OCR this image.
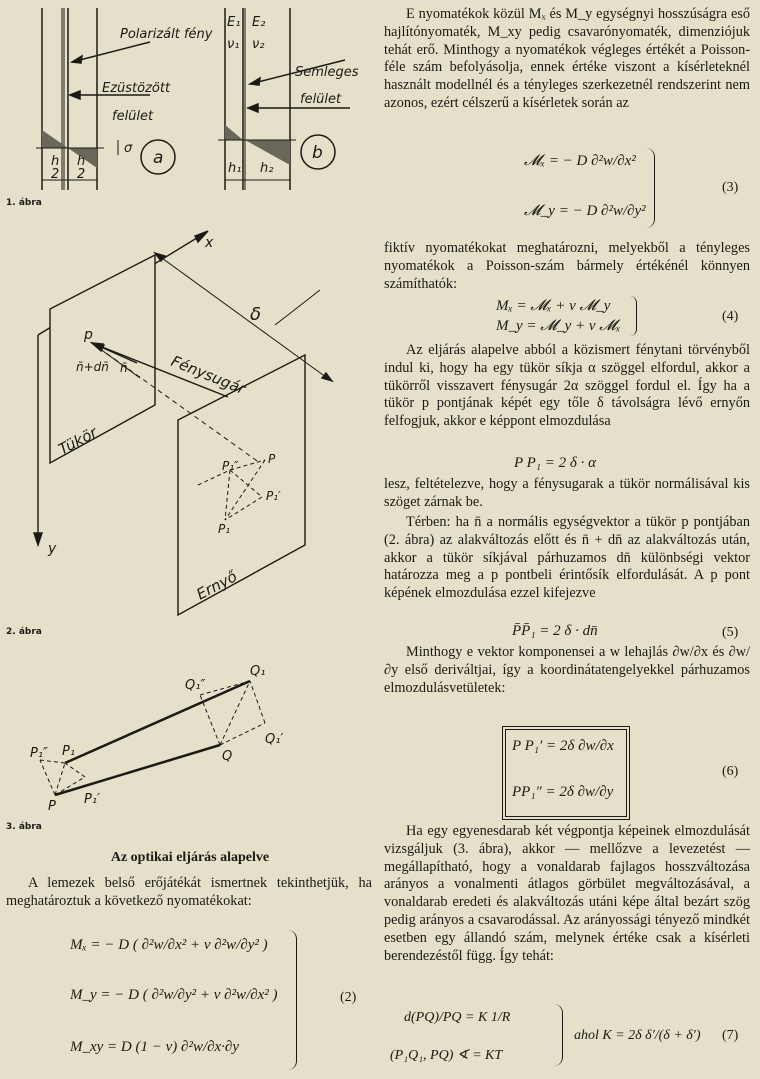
Polarizált fény
Ezüstözött
felület
Semleges
felület
σ a	b
h
2
h
2
E₁ E₂
ν₁ ν₂
h₁ h₂
1. ábra
x
y
δ
p
n̄+dn̄ n̄	Fénysugár
Tükör
Ernyő
P
P₁
P₁′
P₁″
2. ábra
P
P₁
P₁′
P₁″	Q
Q₁
Q₁′
Q₁″
3. ábra
Az optikai eljárás alapelve

A lemezek belső erőjátékát ismertnek tekinthetjük, ha meghatároztuk a következő nyomatékokat:

Mₓ = − D ( ∂²w/∂x² + ν ∂²w/∂y² )
M_y = − D ( ∂²w/∂y² + ν ∂²w/∂x² )
M_xy = D (1 − ν) ∂²w/∂x·∂y
(2)

E nyomatékok közül Mₓ és M_y egységnyi hosszúságra eső hajlítónyomaték, M_xy pedig csavarónyomaték, dimenziójuk tehát erő. Minthogy a nyomatékok végleges értékét a Poisson-féle szám befolyásolja, ennek értéke viszont a kísérleteknél használt modellnél és a tényleges szerkezetnél rendszerint nem azonos, ezért célszerű a kísérletek során az

𝓜ₓ = − D ∂²w/∂x²
𝓜_y = − D ∂²w/∂y²
(3)

fiktív nyomatékokat meghatározni, melyekből a tényleges nyomatékok a Poisson-szám bármely értékénél könnyen számíthatók:

Mₓ = 𝓜ₓ + ν 𝓜_y
M_y = 𝓜_y + ν 𝓜ₓ
(4)

Az eljárás alapelve abból a közismert fénytani törvényből indul ki, hogy ha egy tükör síkja α szöggel elfordul, akkor a tükörről visszavert fénysugár 2α szöggel fordul el. Így ha a tükör p pontjának képét egy tőle δ távolságra lévő ernyőn felfogjuk, akkor e képpont elmozdulása

P P₁ = 2 δ · α

lesz, feltételezve, hogy a fénysugarak a tükör normálisával kis szöget zárnak be.

Térben: ha n̄ a normális egységvektor a tükör p pontjában (2. ábra) az alakváltozás előtt és n̄ + dn̄ az alakváltozás után, akkor a tükör síkjával párhuzamos dn̄ különbségi vektor határozza meg a p pontbeli érintősík elfordulását. A p pont képének elmozdulása ezzel kifejezve

P̄P̄₁ = 2 δ · dn̄	(5)

Minthogy e vektor komponensei a w lehajlás ∂w/∂x és ∂w/∂y első deriváltjai, így a koordinátatengelyekkel párhuzamos elmozdulásvetületek:

P P₁′ = 2δ ∂w/∂x
PP₁″ = 2δ ∂w/∂y
(6)

Ha egy egyenesdarab két végpontja képeinek elmozdulását vizsgáljuk (3. ábra), akkor — mellőzve a levezetést — megállapítható, hogy a vonaldarab fajlagos hosszváltozása arányos a vonalmenti átlagos görbület megváltozásával, a vonaldarab eredeti és alakváltozás utáni képe által bezárt szög pedig arányos a csavarodással. Az arányossági tényező mindkét esetben egy állandó szám, melynek értéke csak a kísérleti berendezéstől függ. Így tehát:

d(PQ)/PQ = K 1/R
(P₁Q₁, PQ) ∢ = KT
ahol K = 2δ δ′/(δ + δ′) (7)
